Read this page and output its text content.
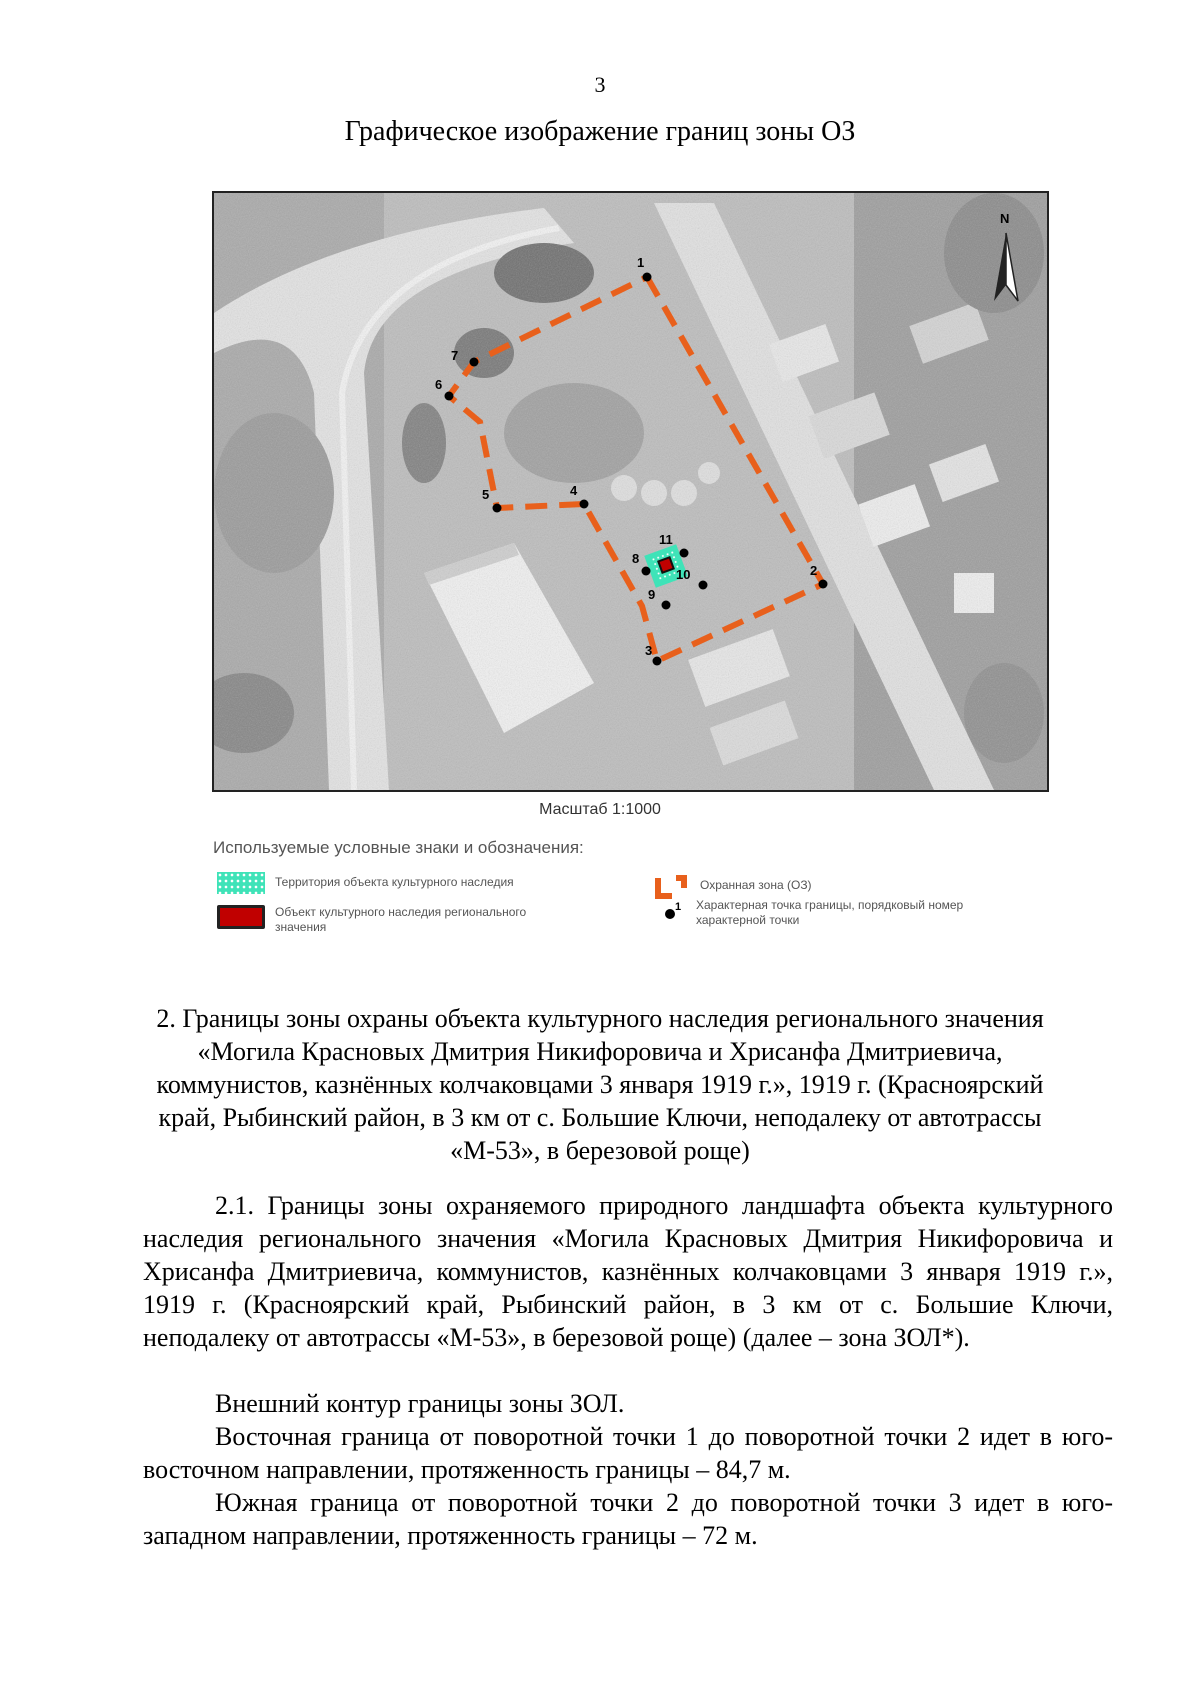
3
Графическое изображение границ зоны ОЗ
1
2
3
4
5
6
7
8
9
10
11
N
Масштаб 1:1000
Используемые условные знаки и обозначения:
Территория объекта культурного наследия
Объект культурного наследия регионального значения
Охранная зона (ОЗ)
1 Характерная точка границы, порядковый номер характерной точки
2. Границы зоны охраны объекта культурного наследия регионального значения «Могила Красновых Дмитрия Никифоровича и Хрисанфа Дмитриевича, коммунистов, казнённых колчаковцами 3 января 1919 г.», 1919 г. (Красноярский край, Рыбинский район, в 3 км от с. Большие Ключи, неподалеку от автотрассы «М-53», в березовой роще)
2.1. Границы зоны охраняемого природного ландшафта объекта культурного наследия регионального значения «Могила Красновых Дмитрия Никифоровича и Хрисанфа Дмитриевича, коммунистов, казнённых колчаковцами 3 января 1919 г.», 1919 г. (Красноярский край, Рыбинский район, в 3 км от с. Большие Ключи, неподалеку от автотрассы «М-53», в березовой роще) (далее – зона ЗОЛ*).
Внешний контур границы зоны ЗОЛ.
Восточная граница от поворотной точки 1 до поворотной точки 2 идет в юго-восточном направлении, протяженность границы – 84,7 м.
Южная граница от поворотной точки 2 до поворотной точки 3 идет в юго-западном направлении, протяженность границы – 72 м.
